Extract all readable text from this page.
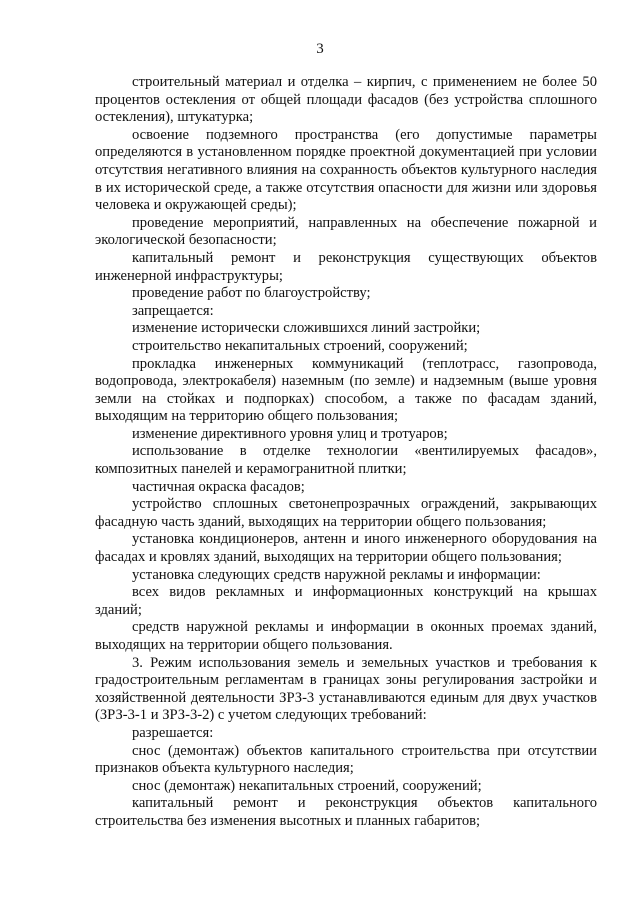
3

строительный материал и отделка – кирпич, с применением не более 50 процентов остекления от общей площади фасадов (без устройства сплошного остекления), штукатурка;

освоение подземного пространства (его допустимые параметры определяются в установленном порядке проектной документацией при условии отсутствия негативного влияния на сохранность объектов культурного наследия в их исторической среде, а также отсутствия опасности для жизни или здоровья человека и окружающей среды);

проведение мероприятий, направленных на обеспечение пожарной и экологической безопасности;

капитальный ремонт и реконструкция существующих объектов инженерной инфраструктуры;

проведение работ по благоустройству;

запрещается:

изменение исторически сложившихся линий застройки;

строительство некапитальных строений, сооружений;

прокладка инженерных коммуникаций (теплотрасс, газопровода, водопровода, электрокабеля) наземным (по земле) и надземным (выше уровня земли на стойках и подпорках) способом, а также по фасадам зданий, выходящим на территорию общего пользования;

изменение директивного уровня улиц и тротуаров;

использование в отделке технологии «вентилируемых фасадов», композитных панелей и керамогранитной плитки;

частичная окраска фасадов;

устройство сплошных светонепрозрачных ограждений, закрывающих фасадную часть зданий, выходящих на территории общего пользования;

установка кондиционеров, антенн и иного инженерного оборудования на фасадах и кровлях зданий, выходящих на территории общего пользования;

установка следующих средств наружной рекламы и информации:

всех видов рекламных и информационных конструкций на крышах зданий;

средств наружной рекламы и информации в оконных проемах зданий, выходящих на территории общего пользования.

3. Режим использования земель и земельных участков и требования к градостроительным регламентам в границах зоны регулирования застройки и хозяйственной деятельности ЗРЗ-3 устанавливаются единым для двух участков (ЗРЗ-3-1 и ЗРЗ-3-2) с учетом следующих требований:

разрешается:

снос (демонтаж) объектов капитального строительства при отсутствии признаков объекта культурного наследия;

снос (демонтаж) некапитальных строений, сооружений;

капитальный ремонт и реконструкция объектов капитального строительства без изменения высотных и планных габаритов;
